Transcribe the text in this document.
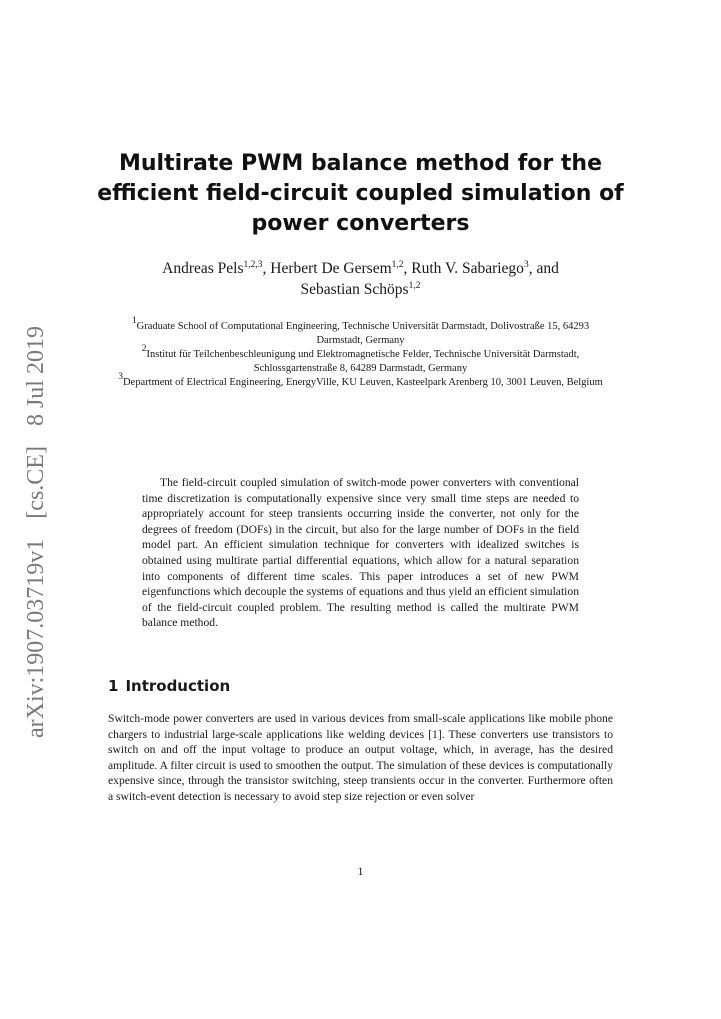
arXiv:1907.03719v1 [cs.CE] 8 Jul 2019
Multirate PWM balance method for the efficient field-circuit coupled simulation of power converters
Andreas Pels$^{1,2,3}$, Herbert De Gersem$^{1,2}$, Ruth V. Sabariego$^3$, and
Sebastian Schöps$^{1,2}$

$^1$Graduate School of Computational Engineering, Technische Universität Darmstadt, Dolivostraße 15, 64293 Darmstadt, Germany

$^2$Institut für Teilchenbeschleunigung und Elektromagnetische Felder, Technische Universität Darmstadt, Schlossgartenstraße 8, 64289 Darmstadt, Germany

$^3$Department of Electrical Engineering, EnergyVille, KU Leuven, Kasteelpark Arenberg 10, 3001 Leuven, Belgium

The field-circuit coupled simulation of switch-mode power converters with conventional time discretization is computationally expensive since very small time steps are needed to appropriately account for steep transients occurring inside the converter, not only for the degrees of freedom (DOFs) in the circuit, but also for the large number of DOFs in the field model part. An efficient simulation technique for converters with idealized switches is obtained using multirate partial differential equations, which allow for a natural separation into components of different time scales. This paper introduces a set of new PWM eigenfunctions which decouple the systems of equations and thus yield an efficient simulation of the field-circuit coupled problem. The resulting method is called the multirate PWM balance method.

1 Introduction

Switch-mode power converters are used in various devices from small-scale applications like mobile phone chargers to industrial large-scale applications like welding devices [1]. These converters use transistors to switch on and off the input voltage to produce an output voltage, which, in average, has the desired amplitude. A filter circuit is used to smoothen the output. The simulation of these devices is computationally expensive since, through the transistor switching, steep transients occur in the converter. Furthermore often a switch-event detection is necessary to avoid step size rejection or even solver

1
